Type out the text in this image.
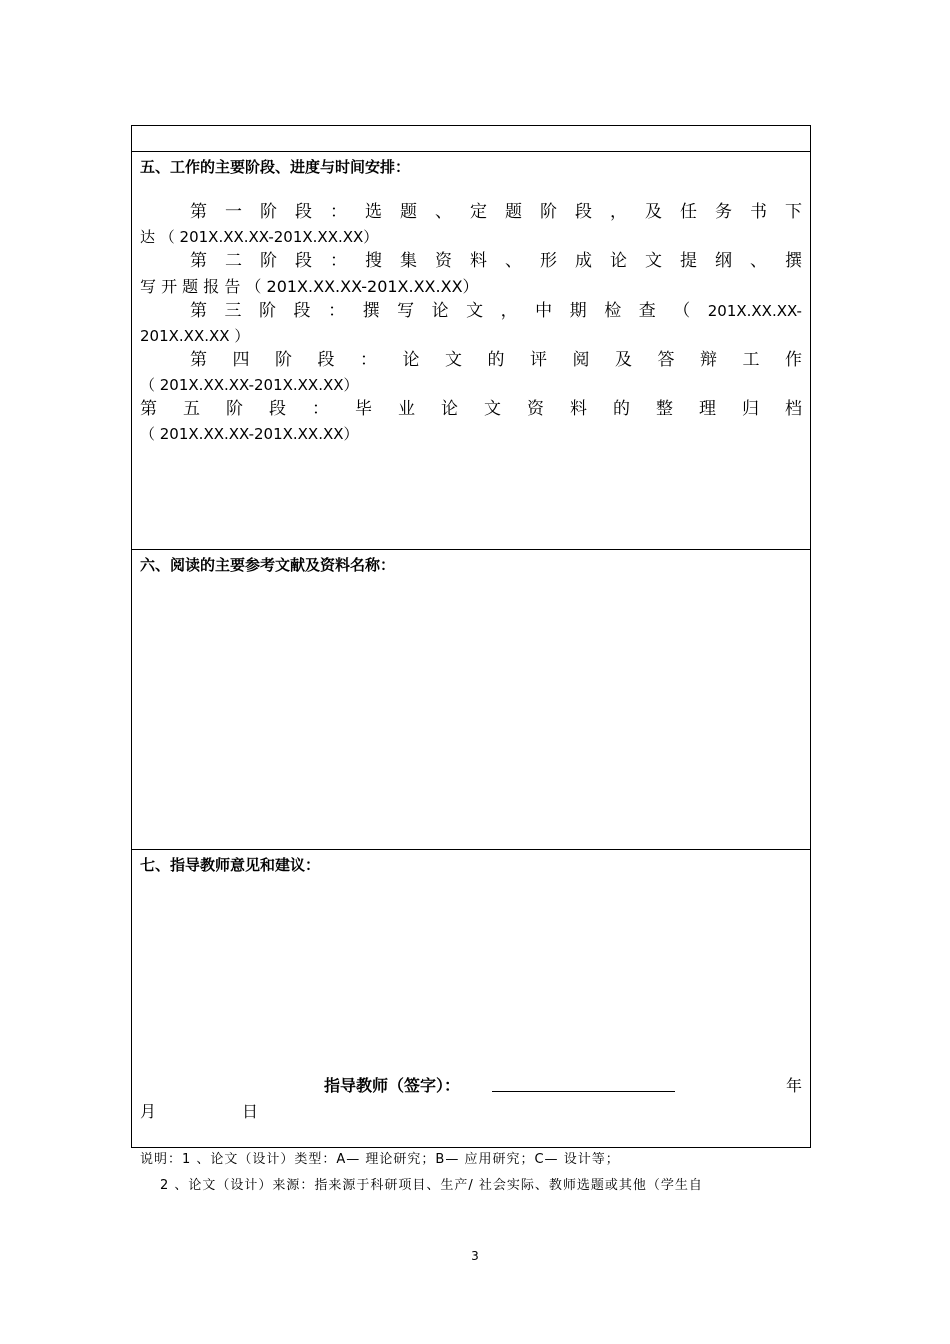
五、工作的主要阶段、进度与时间安排：
第 一 阶 段 ： 选 题 、 定 题 阶 段 ， 及 任 务 书 下
达 （ 201X.XX.XX-201X.XX.XX）
第 二 阶 段 ： 搜 集 资 料 、 形 成 论 文 提 纲 、 撰
写 开 题 报 告 （ 201X.XX.XX-201X.XX.XX）
第 三 阶 段 ： 撰 写 论 文 ， 中 期 检 查 （ 201X.XX.XX-
201X.XX.XX ）
第 四 阶 段 ： 论 文 的 评 阅 及 答 辩 工 作
（ 201X.XX.XX-201X.XX.XX）
第 五 阶 段 ： 毕 业 论 文 资 料 的 整 理 归 档
（ 201X.XX.XX-201X.XX.XX）
六、阅读的主要参考文献及资料名称：
七、指导教师意见和建议：
指导教师（签字）：	年
月	日
说明：1 、论文（设计）类型：A— 理论研究；B— 应用研究；C— 设计等；
2 、论文（设计）来源：指来源于科研项目、生产/ 社会实际、教师选题或其他（学生自
3
